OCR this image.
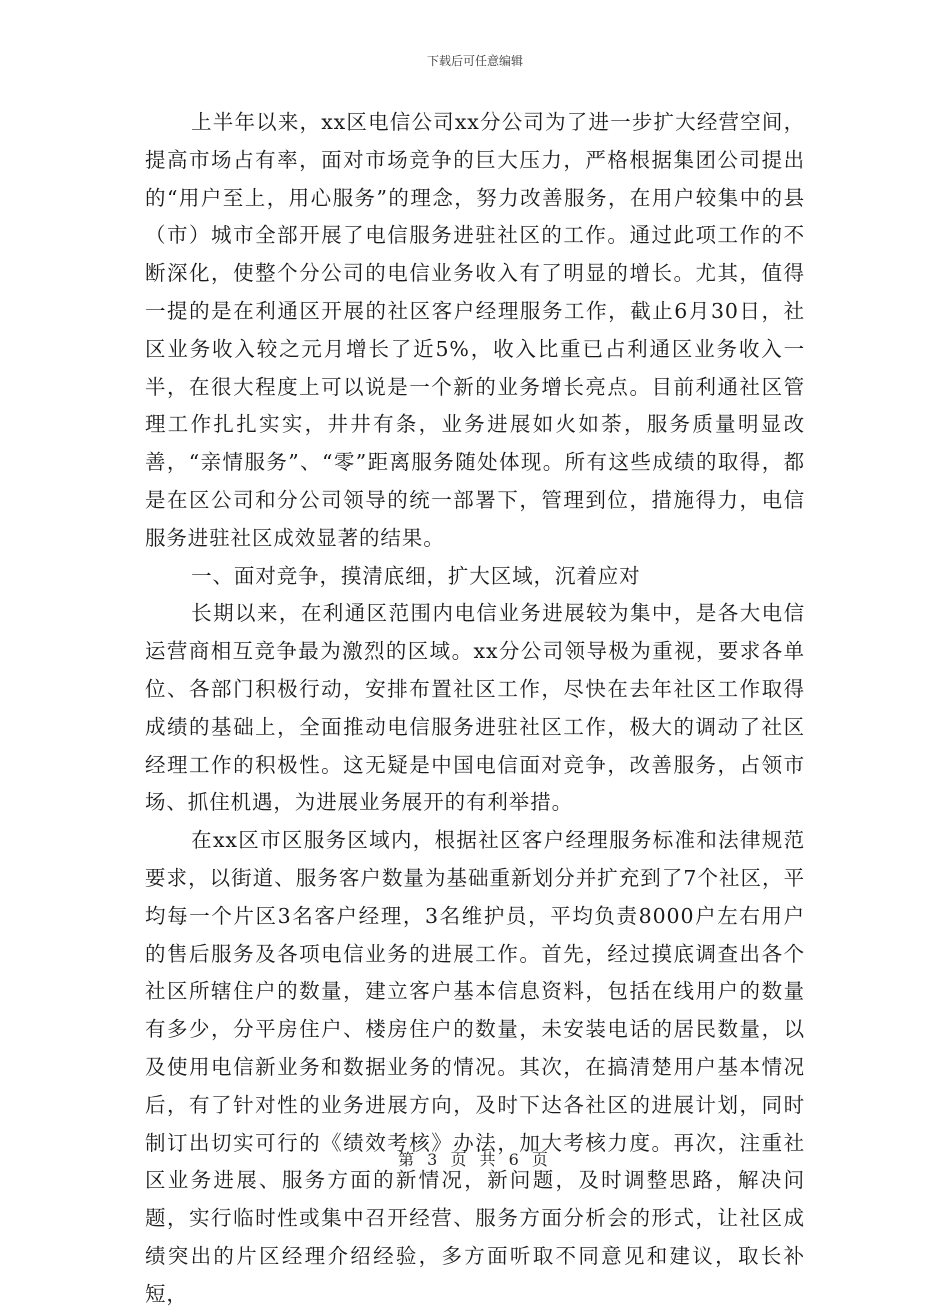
下载后可任意编辑

上半年以来，xx区电信公司xx分公司为了进一步扩大经营空间，提高市场占有率，面对市场竞争的巨大压力，严格根据集团公司提出的“用户至上，用心服务”的理念，努力改善服务，在用户较集中的县（市）城市全部开展了电信服务进驻社区的工作。通过此项工作的不断深化，使整个分公司的电信业务收入有了明显的增长。尤其，值得一提的是在利通区开展的社区客户经理服务工作，截止6月30日，社区业务收入较之元月增长了近5%，收入比重已占利通区业务收入一半，在很大程度上可以说是一个新的业务增长亮点。目前利通社区管理工作扎扎实实，井井有条，业务进展如火如荼，服务质量明显改善，“亲情服务”、“零”距离服务随处体现。所有这些成绩的取得，都是在区公司和分公司领导的统一部署下，管理到位，措施得力，电信服务进驻社区成效显著的结果。

一、面对竞争，摸清底细，扩大区域，沉着应对

长期以来，在利通区范围内电信业务进展较为集中，是各大电信运营商相互竞争最为激烈的区域。xx分公司领导极为重视，要求各单位、各部门积极行动，安排布置社区工作，尽快在去年社区工作取得成绩的基础上，全面推动电信服务进驻社区工作，极大的调动了社区经理工作的积极性。这无疑是中国电信面对竞争，改善服务，占领市场、抓住机遇，为进展业务展开的有利举措。

在xx区市区服务区域内，根据社区客户经理服务标准和法律规范要求，以街道、服务客户数量为基础重新划分并扩充到了7个社区，平均每一个片区3名客户经理，3名维护员，平均负责8000户左右用户的售后服务及各项电信业务的进展工作。首先，经过摸底调查出各个社区所辖住户的数量，建立客户基本信息资料，包括在线用户的数量有多少，分平房住户、楼房住户的数量，未安装电话的居民数量，以及使用电信新业务和数据业务的情况。其次，在搞清楚用户基本情况后，有了针对性的业务进展方向，及时下达各社区的进展计划，同时制订出切实可行的《绩效考核》办法，加大考核力度。再次，注重社区业务进展、服务方面的新情况，新问题，及时调整思路，解决问题，实行临时性或集中召开经营、服务方面分析会的形式，让社区成绩突出的片区经理介绍经验，多方面听取不同意见和建议，取长补短，

第 3 页 共 6 页
